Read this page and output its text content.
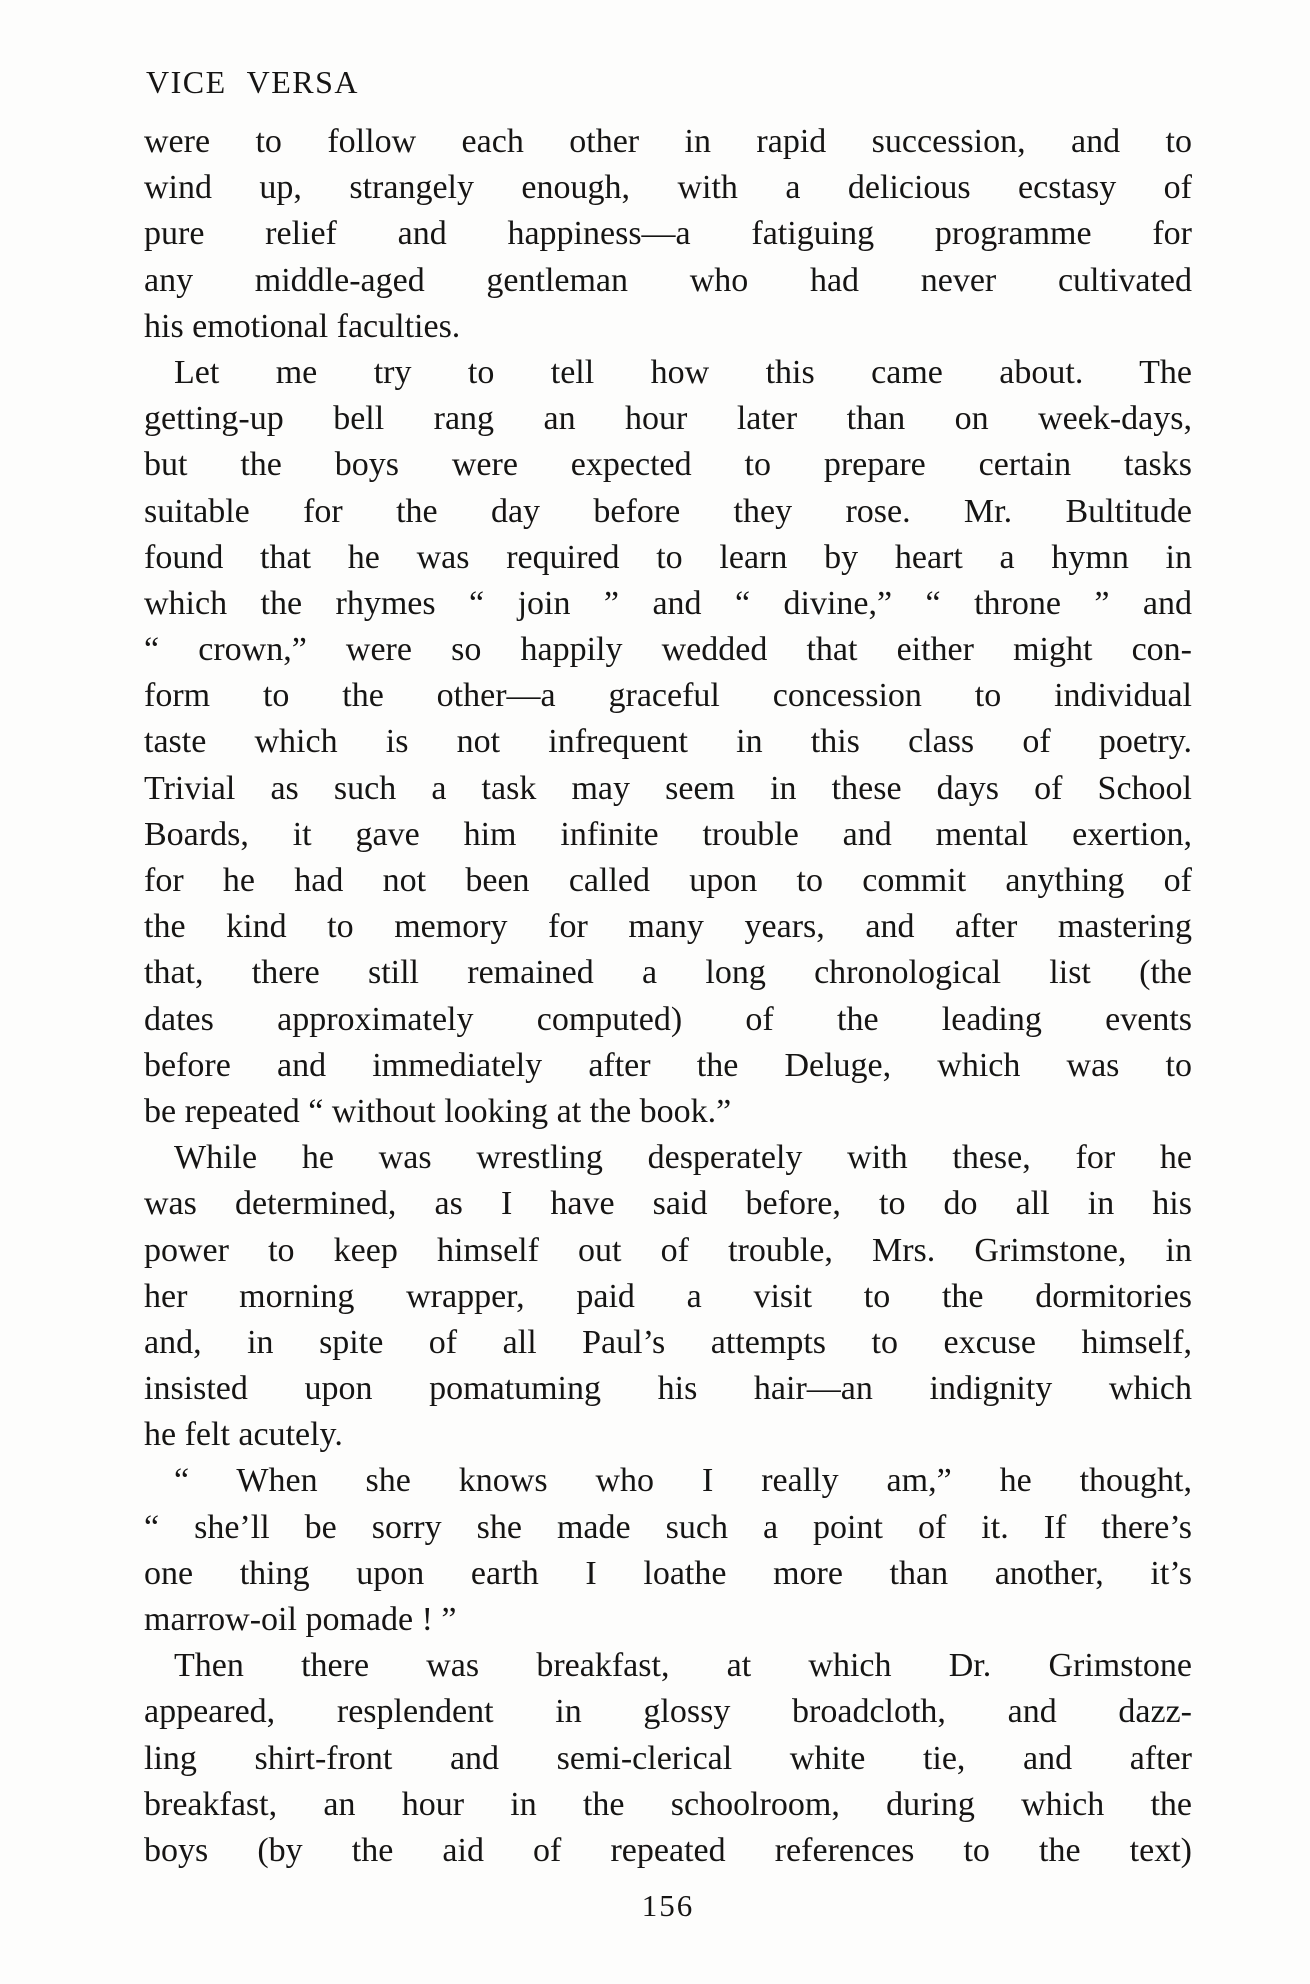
VICE VERSA
were to follow each other in rapid succession, and to
wind up, strangely enough, with a delicious ecstasy of
pure relief and happiness—a fatiguing programme for
any middle-aged gentleman who had never cultivated
his emotional faculties.
Let me try to tell how this came about. The
getting-up bell rang an hour later than on week-days,
but the boys were expected to prepare certain tasks
suitable for the day before they rose. Mr. Bultitude
found that he was required to learn by heart a hymn in
which the rhymes “ join ” and “ divine,” “ throne ” and
“ crown,” were so happily wedded that either might con-
form to the other—a graceful concession to individual
taste which is not infrequent in this class of poetry.
Trivial as such a task may seem in these days of School
Boards, it gave him infinite trouble and mental exertion,
for he had not been called upon to commit anything of
the kind to memory for many years, and after mastering
that, there still remained a long chronological list (the
dates approximately computed) of the leading events
before and immediately after the Deluge, which was to
be repeated “ without looking at the book.”
While he was wrestling desperately with these, for he
was determined, as I have said before, to do all in his
power to keep himself out of trouble, Mrs. Grimstone, in
her morning wrapper, paid a visit to the dormitories
and, in spite of all Paul’s attempts to excuse himself,
insisted upon pomatuming his hair—an indignity which
he felt acutely.
“ When she knows who I really am,” he thought,
“ she’ll be sorry she made such a point of it. If there’s
one thing upon earth I loathe more than another, it’s
marrow-oil pomade ! ”
Then there was breakfast, at which Dr. Grimstone
appeared, resplendent in glossy broadcloth, and dazz-
ling shirt-front and semi-clerical white tie, and after
breakfast, an hour in the schoolroom, during which the
boys (by the aid of repeated references to the text)
156
